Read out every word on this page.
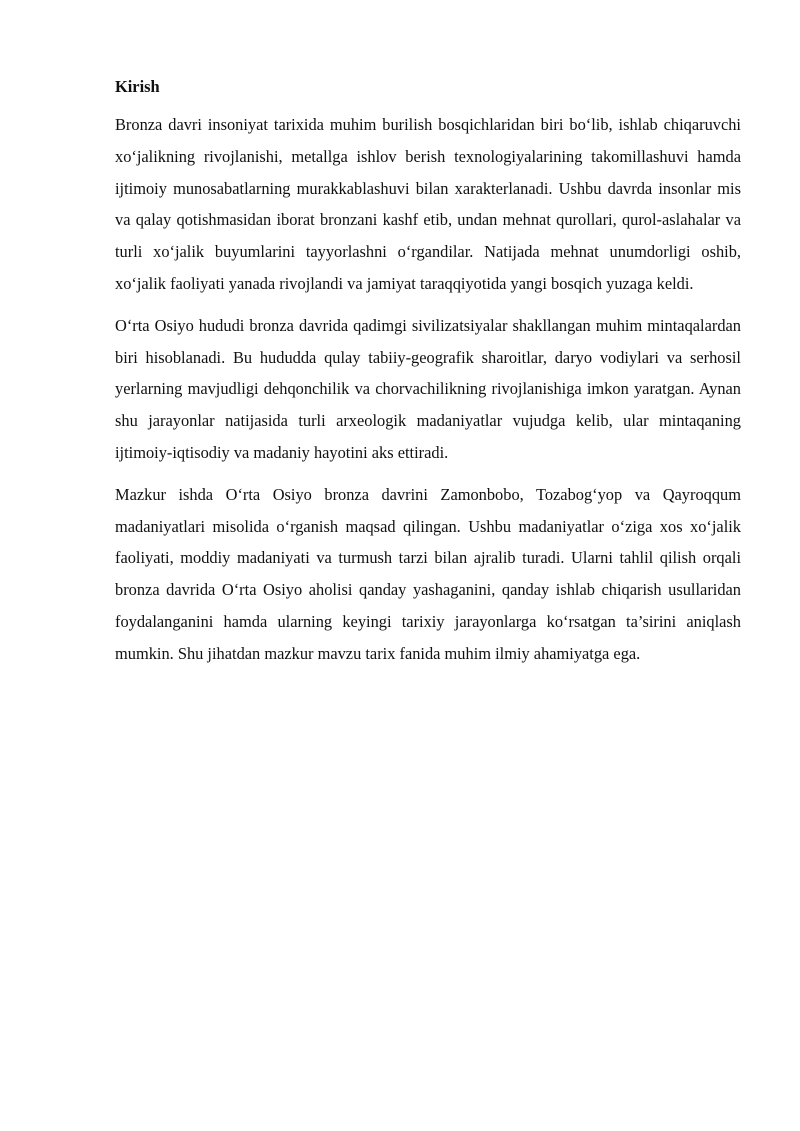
Kirish

Bronza davri insoniyat tarixida muhim burilish bosqichlaridan biri bo‘lib, ishlab chiqaruvchi xo‘jalikning rivojlanishi, metallga ishlov berish texnologiyalarining takomillashuvi hamda ijtimoiy munosabatlarning murakkablashuvi bilan xarakterlanadi. Ushbu davrda insonlar mis va qalay qotishmasidan iborat bronzani kashf etib, undan mehnat qurollari, qurol-aslahalar va turli xo‘jalik buyumlarini tayyorlashni o‘rgandilar. Natijada mehnat unumdorligi oshib, xo‘jalik faoliyati yanada rivojlandi va jamiyat taraqqiyotida yangi bosqich yuzaga keldi.

O‘rta Osiyo hududi bronza davrida qadimgi sivilizatsiyalar shakllangan muhim mintaqalardan biri hisoblanadi. Bu hududda qulay tabiiy-geografik sharoitlar, daryo vodiylari va serhosil yerlarning mavjudligi dehqonchilik va chorvachilikning rivojlanishiga imkon yaratgan. Aynan shu jarayonlar natijasida turli arxeologik madaniyatlar vujudga kelib, ular mintaqaning ijtimoiy-iqtisodiy va madaniy hayotini aks ettiradi.

Mazkur ishda O‘rta Osiyo bronza davrini Zamonbobo, Tozabog‘yop va Qayroqqum madaniyatlari misolida o‘rganish maqsad qilingan. Ushbu madaniyatlar o‘ziga xos xo‘jalik faoliyati, moddiy madaniyati va turmush tarzi bilan ajralib turadi. Ularni tahlil qilish orqali bronza davrida O‘rta Osiyo aholisi qanday yashaganini, qanday ishlab chiqarish usullaridan foydalanganini hamda ularning keyingi tarixiy jarayonlarga ko‘rsatgan ta’sirini aniqlash mumkin. Shu jihatdan mazkur mavzu tarix fanida muhim ilmiy ahamiyatga ega.
